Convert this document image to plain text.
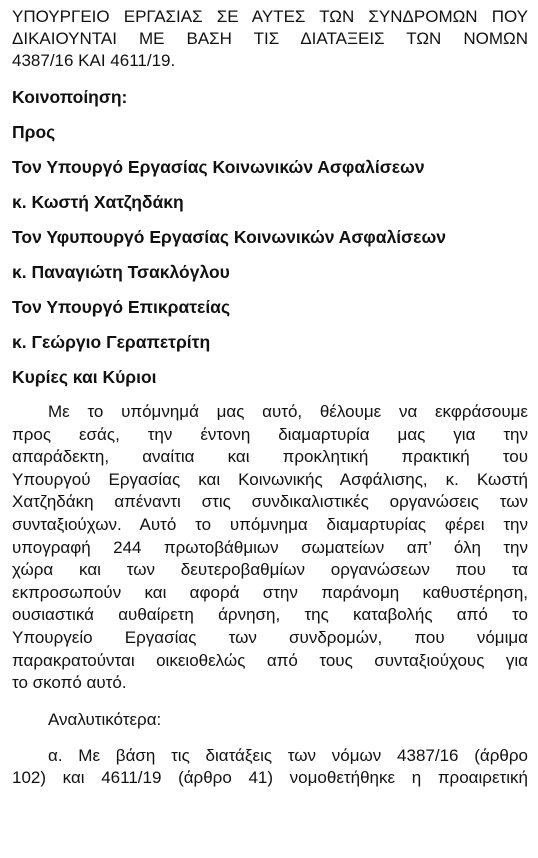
ΥΠΟΥΡΓΕΙΟ ΕΡΓΑΣΙΑΣ ΣΕ ΑΥΤΕΣ ΤΩΝ ΣΥΝΔΡΟΜΩΝ ΠΟΥ
ΔΙΚΑΙΟΥΝΤΑΙ ΜΕ ΒΑΣΗ ΤΙΣ ΔΙΑΤΑΞΕΙΣ ΤΩΝ ΝΟΜΩΝ
4387/16 ΚΑΙ 4611/19.
Κοινοποίηση:
Προς
Τον Υπουργό Εργασίας Κοινωνικών Ασφαλίσεων
κ. Κωστή Χατζηδάκη
Τον Υφυπουργό Εργασίας Κοινωνικών Ασφαλίσεων
κ. Παναγιώτη Τσακλόγλου
Τον Υπουργό Επικρατείας
κ. Γεώργιο Γεραπετρίτη
Κυρίες και Κύριοι
Με το υπόμνημά μας αυτό, θέλουμε να εκφράσουμε
προς εσάς, την έντονη διαμαρτυρία μας για την
απαράδεκτη, αναίτια και προκλητική πρακτική του
Υπουργού Εργασίας και Κοινωνικής Ασφάλισης, κ. Κωστή
Χατζηδάκη απέναντι στις συνδικαλιστικές οργανώσεις των
συνταξιούχων. Αυτό το υπόμνημα διαμαρτυρίας φέρει την
υπογραφή 244 πρωτοβάθμιων σωματείων απ’ όλη την
χώρα και των δευτεροβαθμίων οργανώσεων που τα
εκπροσωπούν και αφορά στην παράνομη καθυστέρηση,
ουσιαστικά αυθαίρετη άρνηση, της καταβολής από το
Υπουργείο Εργασίας των συνδρομών, που νόμιμα
παρακρατούνται οικειοθελώς από τους συνταξιούχους για
το σκοπό αυτό.
Αναλυτικότερα:
α. Με βάση τις διατάξεις των νόμων 4387/16 (άρθρο
102) και 4611/19 (άρθρο 41) νομοθετήθηκε η προαιρετική
